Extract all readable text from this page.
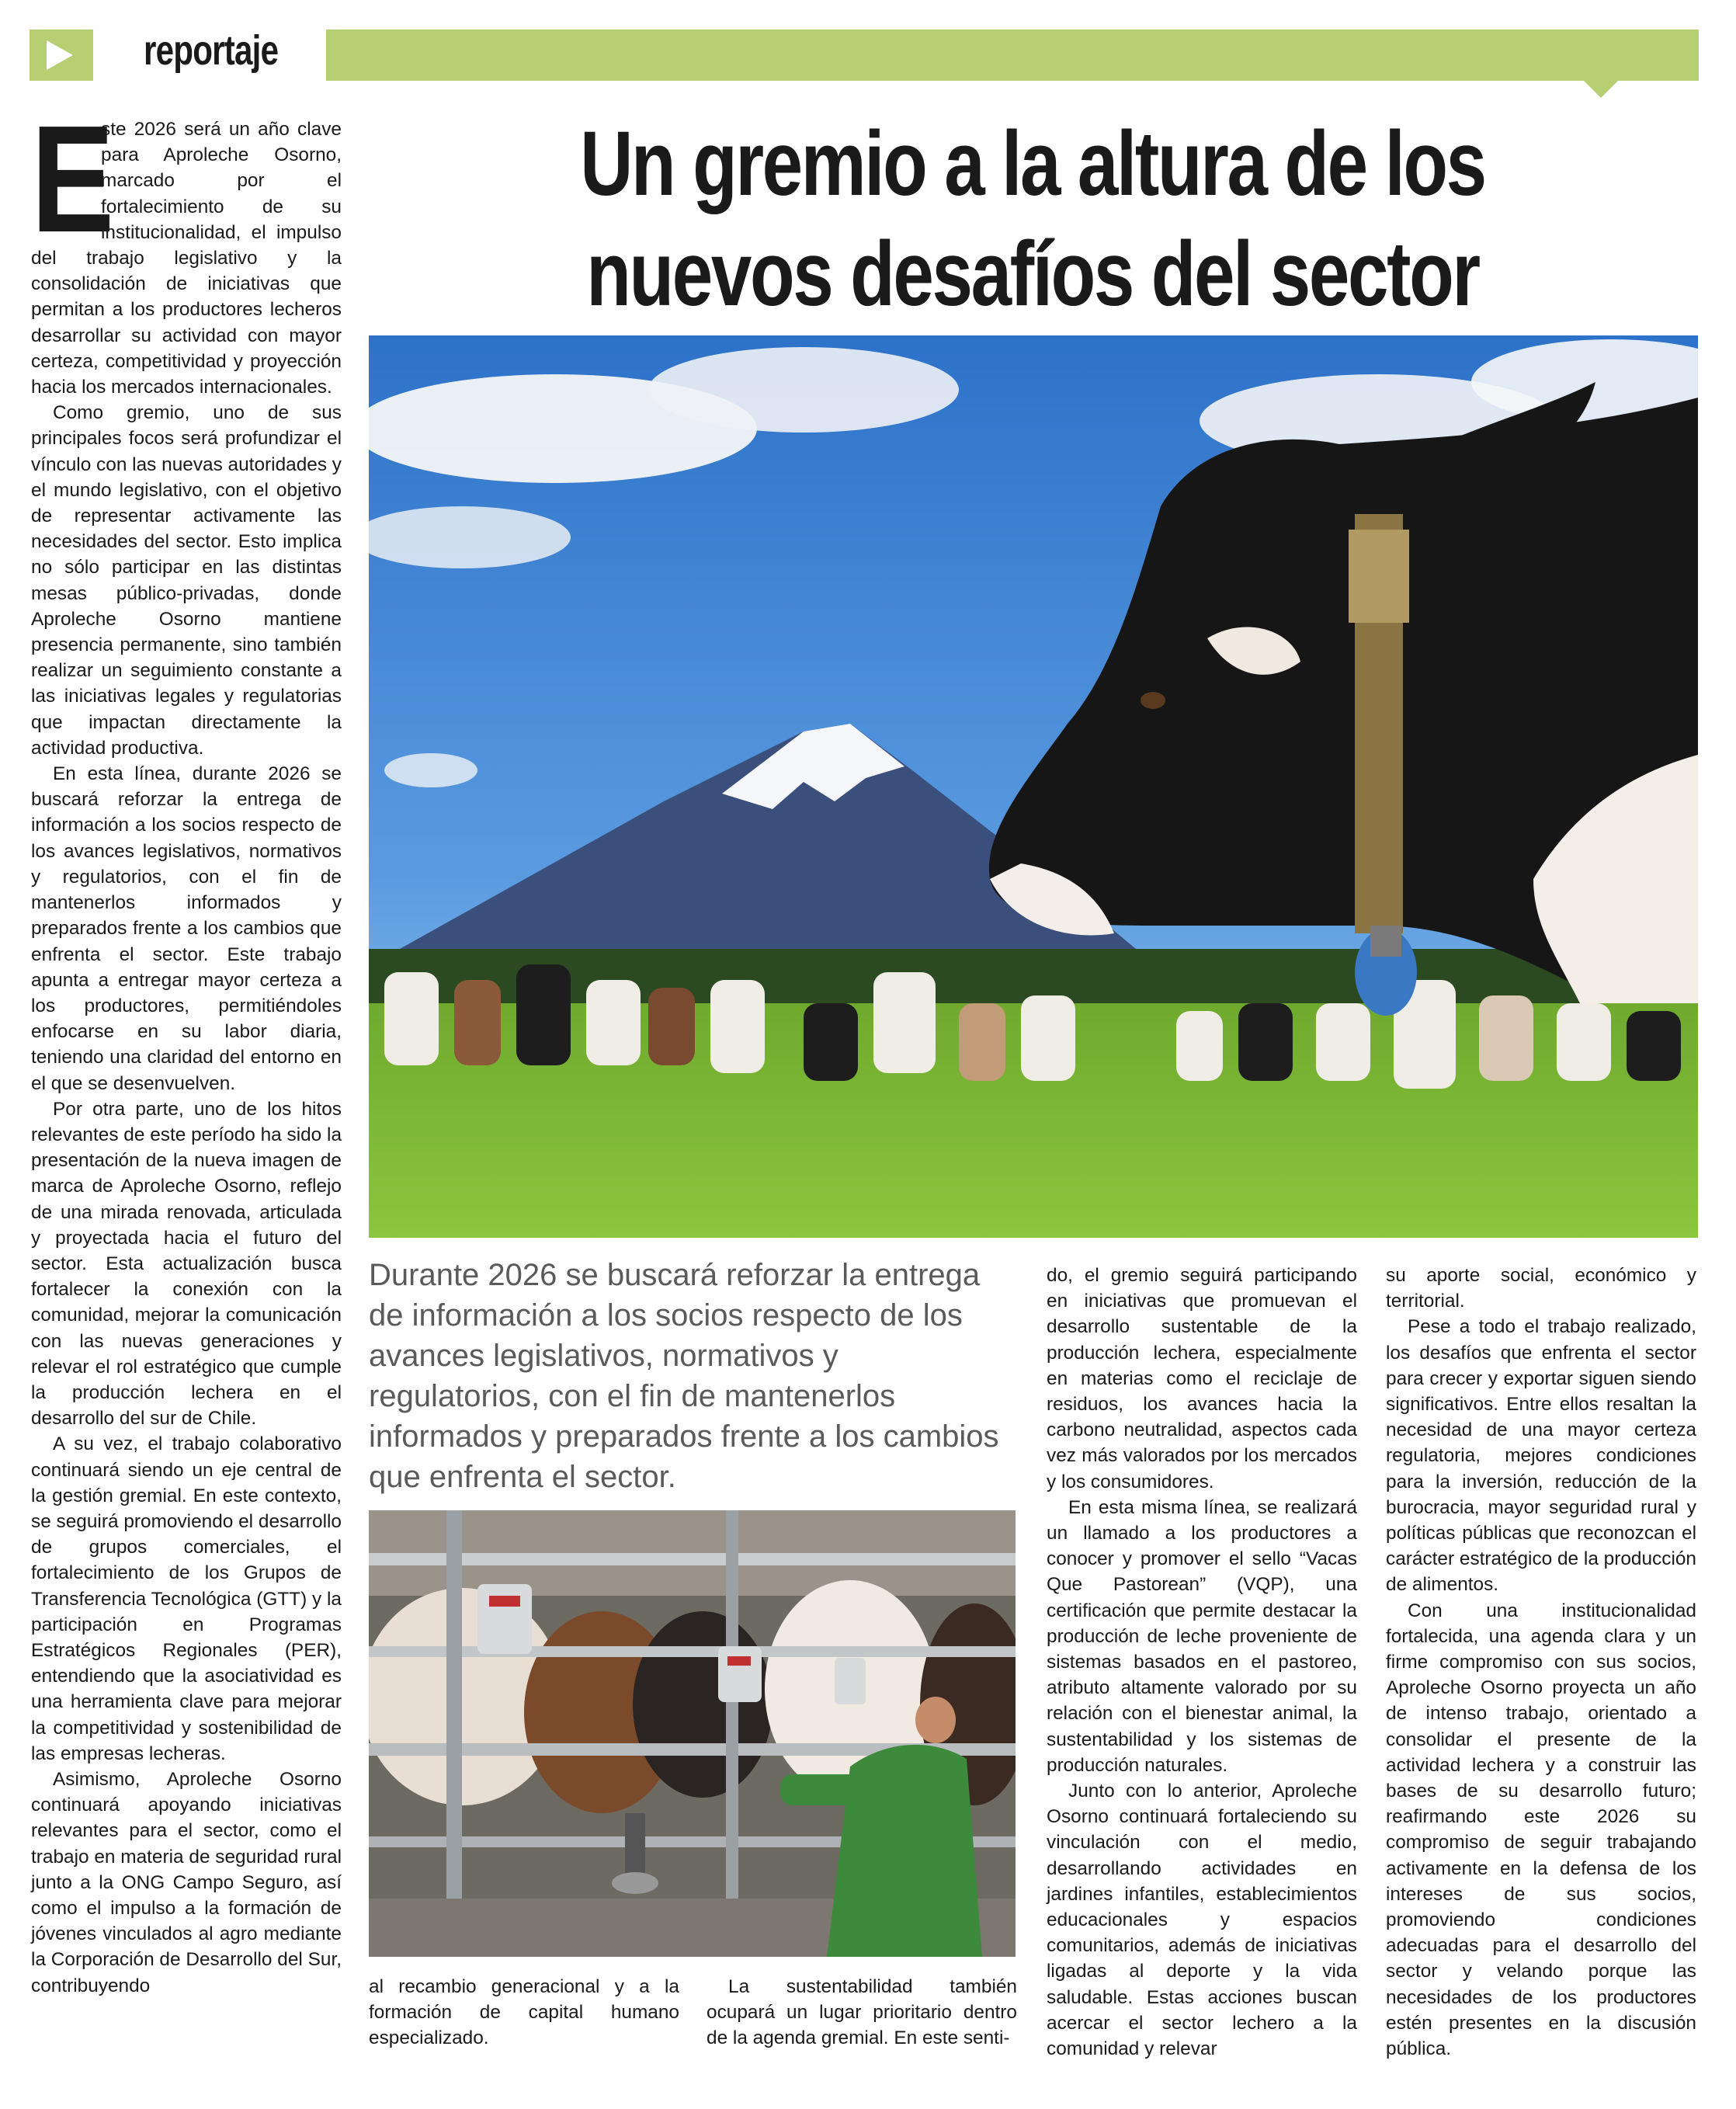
reportaje
Un gremio a la altura de los nuevos desafíos del sector
Durante 2026 se buscará reforzar la entrega de información a los socios respecto de los avances legislativos, normativos y regulatorios, con el fin de mantenerlos informados y preparados frente a los cambios que enfrenta el sector.
E

ste 2026 será un año clave para Aproleche Osorno, marcado por el fortalecimiento de su institucionalidad, el impulso del trabajo legislativo y la consolidación de iniciativas que permitan a los productores lecheros desarrollar su actividad con mayor certeza, competitividad y proyección hacia los mercados internacionales.

Como gremio, uno de sus principales focos será profundizar el vínculo con las nuevas autoridades y el mundo legislativo, con el objetivo de representar activamente las necesidades del sector. Esto implica no sólo participar en las distintas mesas público-privadas, donde Aproleche Osorno mantiene presencia permanente, sino también realizar un seguimiento constante a las iniciativas legales y regulatorias que impactan directamente la actividad productiva.

En esta línea, durante 2026 se buscará reforzar la entrega de información a los socios respecto de los avances legislativos, normativos y regulatorios, con el fin de mantenerlos informados y preparados frente a los cambios que enfrenta el sector. Este trabajo apunta a entregar mayor certeza a los productores, permitiéndoles enfocarse en su labor diaria, teniendo una claridad del entorno en el que se desenvuelven.

Por otra parte, uno de los hitos relevantes de este período ha sido la presentación de la nueva imagen de marca de Aproleche Osorno, reflejo de una mirada renovada, articulada y proyectada hacia el futuro del sector. Esta actualización busca fortalecer la conexión con la comunidad, mejorar la comunicación con las nuevas generaciones y relevar el rol estratégico que cumple la producción lechera en el desarrollo del sur de Chile.

A su vez, el trabajo colaborativo continuará siendo un eje central de la gestión gremial. En este contexto, se seguirá promoviendo el desarrollo de grupos comerciales, el fortalecimiento de los Grupos de Transferencia Tecnológica (GTT) y la participación en Programas Estratégicos Regionales (PER), entendiendo que la asociatividad es una herramienta clave para mejorar la competitividad y sostenibilidad de las empresas lecheras.

Asimismo, Aproleche Osorno continuará apoyando iniciativas relevantes para el sector, como el trabajo en materia de seguridad rural junto a la ONG Campo Seguro, así como el impulso a la formación de jóvenes vinculados al agro mediante la Corporación de Desarrollo del Sur, contribuyendo	al recambio generacional y a la formación de capital humano especializado.

La sustentabilidad también ocupará un lugar prioritario dentro de la agenda gremial. En este senti-

do, el gremio seguirá participando en iniciativas que promuevan el desarrollo sustentable de la producción lechera, especialmente en materias como el reciclaje de residuos, los avances hacia la carbono neutralidad, aspectos cada vez más valorados por los mercados y los consumidores.

En esta misma línea, se realizará un llamado a los productores a conocer y promover el sello “Vacas Que Pastorean” (VQP), una certificación que permite destacar la producción de leche proveniente de sistemas basados en el pastoreo, atributo altamente valorado por su relación con el bienestar animal, la sustentabilidad y los sistemas de producción naturales.

Junto con lo anterior, Aproleche Osorno continuará fortaleciendo su vinculación con el medio, desarrollando actividades en jardines infantiles, establecimientos educacionales y espacios comunitarios, además de iniciativas ligadas al deporte y la vida saludable. Estas acciones buscan acercar el sector lechero a la comunidad y relevar

su aporte social, económico y territorial.

Pese a todo el trabajo realizado, los desafíos que enfrenta el sector para crecer y exportar siguen siendo significativos. Entre ellos resaltan la necesidad de una mayor certeza regulatoria, mejores condiciones para la inversión, reducción de la burocracia, mayor seguridad rural y políticas públicas que reconozcan el carácter estratégico de la producción de alimentos.

Con una institucionalidad fortalecida, una agenda clara y un firme compromiso con sus socios, Aproleche Osorno proyecta un año de intenso trabajo, orientado a consolidar el presente de la actividad lechera y a construir las bases de su desarrollo futuro; reafirmando este 2026 su compromiso de seguir trabajando activamente en la defensa de los intereses de sus socios, promoviendo condiciones adecuadas para el desarrollo del sector y velando porque las necesidades de los productores estén presentes en la discusión pública.
